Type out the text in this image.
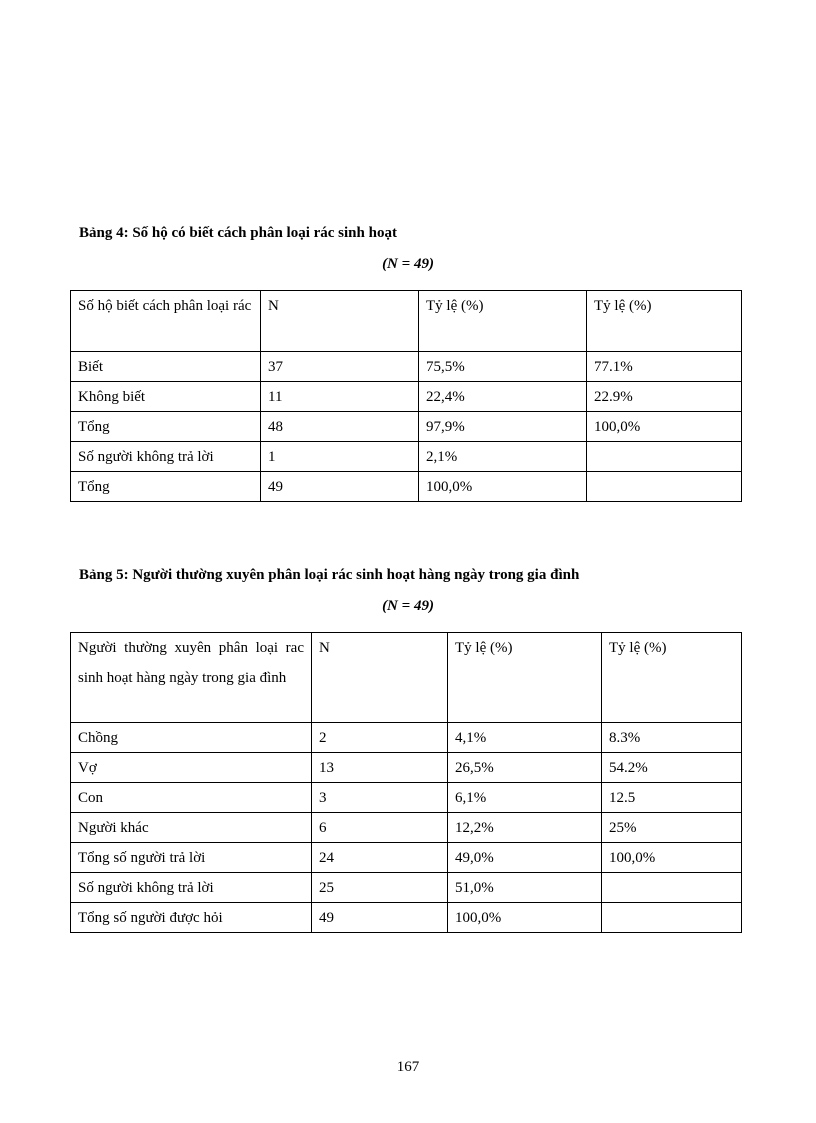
Bảng 4: Số hộ có biết cách phân loại rác sinh hoạt
(N = 49)
Số hộ biết cách phân loại rác	N	Tỷ lệ (%)	Tỷ lệ (%)
Biết	37	75,5%	77.1%
Không biết	11	22,4%	22.9%
Tổng	48	97,9%	100,0%
Số người không trả lời	1	2,1%	
Tổng	49	100,0%	
Bảng 5: Người thường xuyên phân loại rác sinh hoạt hàng ngày trong gia đình
(N = 49)
Người thường xuyên phân loại rac sinh hoạt hàng ngày trong gia đình	N	Tỷ lệ (%)	Tỷ lệ (%)
Chồng	2	4,1%	8.3%
Vợ	13	26,5%	54.2%
Con	3	6,1%	12.5
Người khác	6	12,2%	25%
Tổng số người trả lời	24	49,0%	100,0%
Số người không trả lời	25	51,0%	
Tổng số người được hỏi	49	100,0%	
167
